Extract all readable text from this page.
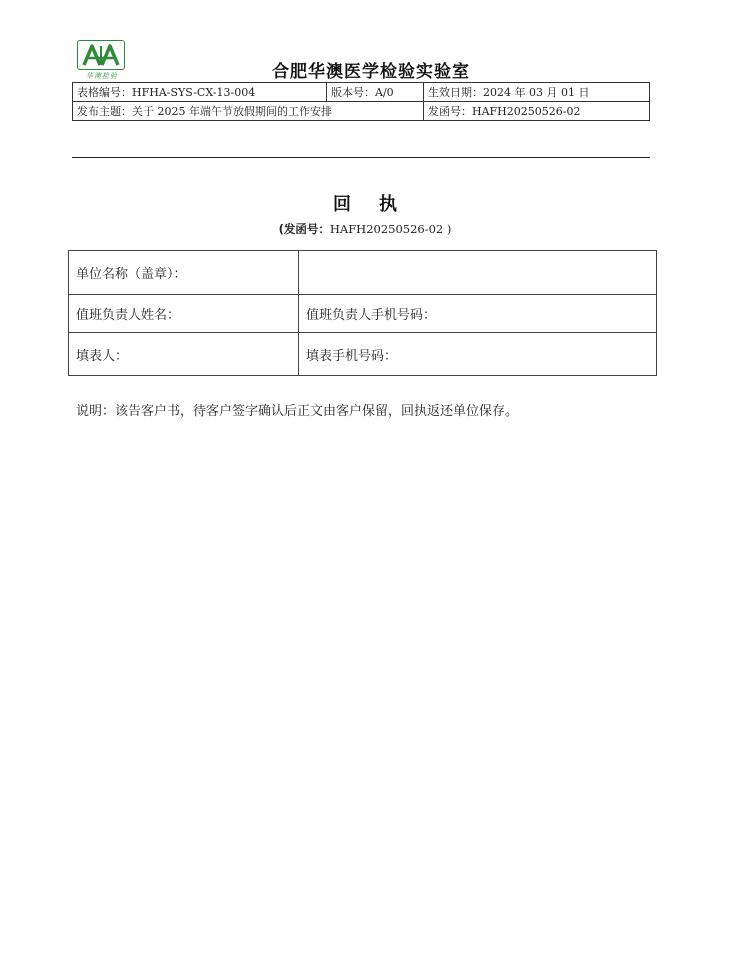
华澳检验	合肥华澳医学检验实验室
表格编号：HFHA-SYS-CX-13-004	版本号：A/0	生效日期：2024 年 03 月 01 日
发布主题：关于 2025 年端午节放假期间的工作安排		发函号：HAFH20250526-02
回执
(发函号：HAFH20250526-02 )
单位名称（盖章）：	
值班负责人姓名：	值班负责人手机号码：
填表人：	填表手机号码：
说明：该告客户书，待客户签字确认后正文由客户保留，回执返还单位保存。
